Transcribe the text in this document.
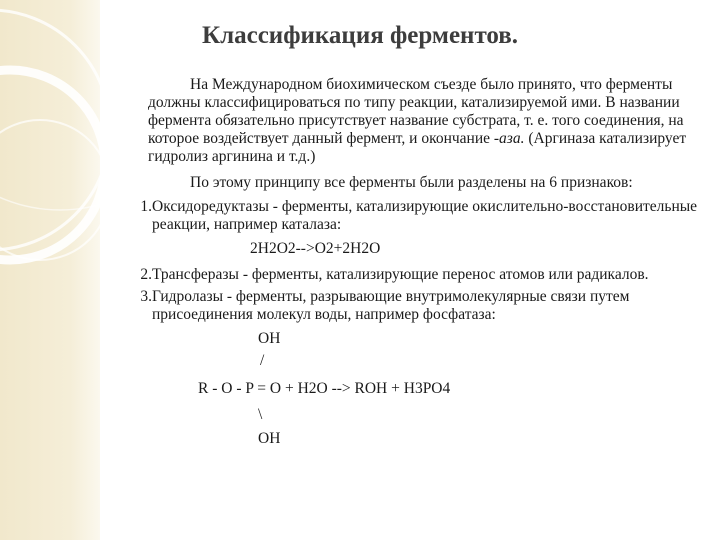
Классификация ферментов.

На Международном биохимическом съезде было принято, что ферменты должны классифицироваться по типу реакции, катализируемой ими. В названии фермента обязательно присутствует название субстрата, т. е. того соединения, на которое воздействует данный фермент, и окончание -аза. (Аргиназа катализирует гидролиз аргинина и т.д.)

По этому принципу все ферменты были разделены на 6 признаков:

1. Оксидоредуктазы - ферменты, катализирующие окислительно-восстановительные реакции, например каталаза:

2H2O2-->O2+2H2O

2. Трансферазы - ферменты, катализирующие перенос атомов или радикалов.
3. Гидролазы - ферменты, разрывающие внутримолекулярные связи путем присоединения молекул воды, например фосфатаза:

OH

/

R - O - P = O + H2O --> ROH + H3PO4

\

OH
